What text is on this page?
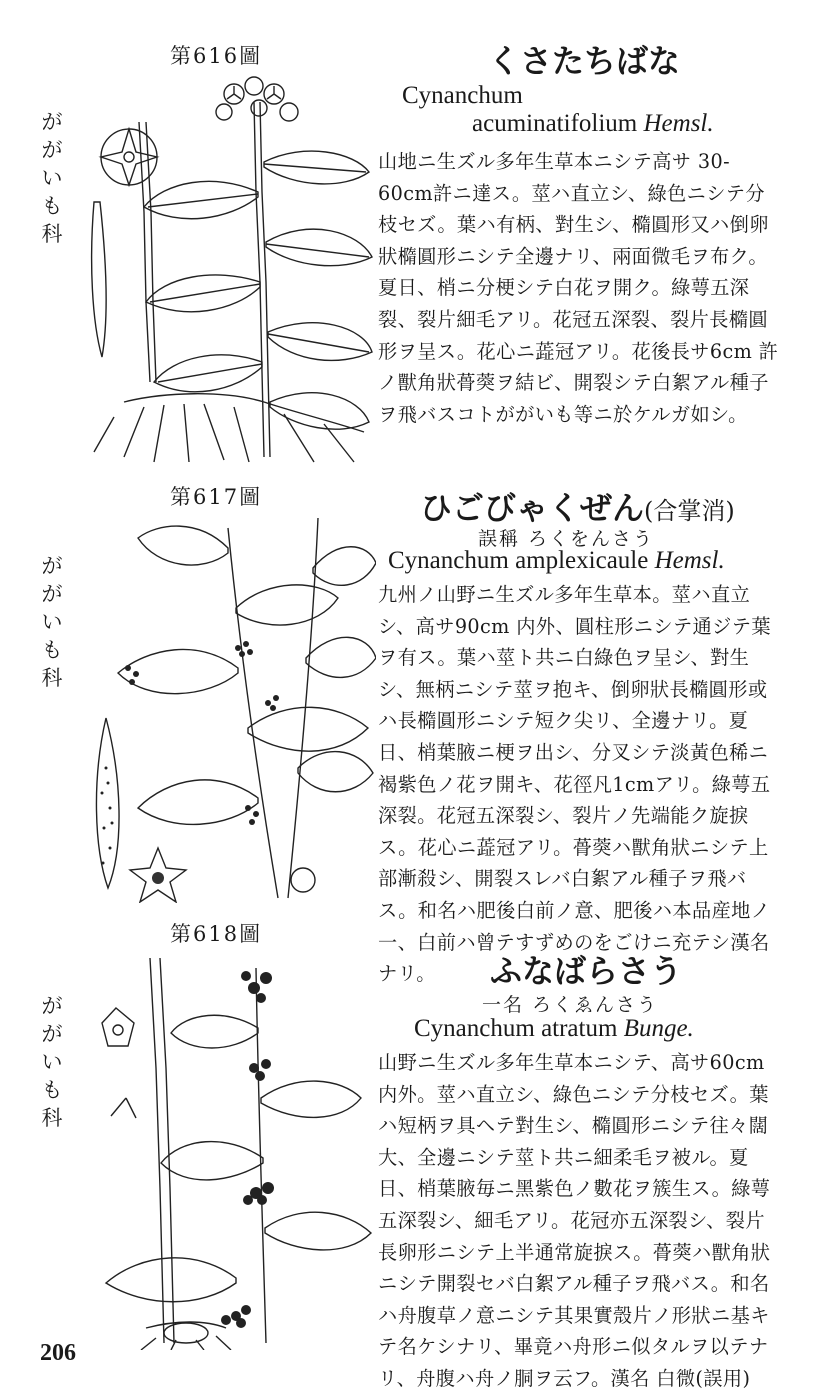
第616圖
ががいも科
くさたちばな
Cynanchum
acuminatifolium Hemsl.
山地ニ生ズル多年生草本ニシテ高サ 30-60cm許ニ達ス。莖ハ直立シ、綠色ニシテ分枝セズ。葉ハ有柄、對生シ、橢圓形又ハ倒卵狀橢圓形ニシテ全邊ナリ、兩面微毛ヲ布ク。夏日、梢ニ分梗シテ白花ヲ開ク。綠萼五深裂、裂片細毛アリ。花冠五深裂、裂片長橢圓形ヲ呈ス。花心ニ蕋冠アリ。花後長サ6cm 許ノ獸角狀蓇葖ヲ結ビ、開裂シテ白絮アル種子ヲ飛バスコトががいも等ニ於ケルガ如シ。
第617圖
ががいも科
ひごびゃくぜん(合掌消)
誤稱 ろくをんさう
Cynanchum amplexicaule Hemsl.
九州ノ山野ニ生ズル多年生草本。莖ハ直立シ、高サ90cm 内外、圓柱形ニシテ通ジテ葉ヲ有ス。葉ハ莖ト共ニ白綠色ヲ呈シ、對生シ、無柄ニシテ莖ヲ抱キ、倒卵狀長橢圓形或ハ長橢圓形ニシテ短ク尖リ、全邊ナリ。夏日、梢葉腋ニ梗ヲ出シ、分叉シテ淡黃色稀ニ褐紫色ノ花ヲ開キ、花徑凡1cmアリ。綠萼五深裂。花冠五深裂シ、裂片ノ先端能ク旋捩ス。花心ニ蕋冠アリ。蓇葖ハ獸角狀ニシテ上部漸殺シ、開裂スレバ白絮アル種子ヲ飛バス。和名ハ肥後白前ノ意、肥後ハ本品産地ノ一、白前ハ曾テすずめのをごけニ充テシ漢名ナリ。
第618圖
ががいも科
ふなばらさう
一名 ろくゑんさう
Cynanchum atratum Bunge.
山野ニ生ズル多年生草本ニシテ、高サ60cm内外。莖ハ直立シ、綠色ニシテ分枝セズ。葉ハ短柄ヲ具ヘテ對生シ、橢圓形ニシテ往々闊大、全邊ニシテ莖ト共ニ細柔毛ヲ被ル。夏日、梢葉腋毎ニ黑紫色ノ數花ヲ簇生ス。綠萼五深裂シ、細毛アリ。花冠亦五深裂シ、裂片長卵形ニシテ上半通常旋捩ス。蓇葖ハ獸角狀ニシテ開裂セバ白絮アル種子ヲ飛バス。和名ハ舟腹草ノ意ニシテ其果實殼片ノ形狀ニ基キテ名ケシナリ、畢竟ハ舟形ニ似タルヲ以テナリ、舟腹ハ舟ノ胴ヲ云フ。漢名 白微(誤用)
206
